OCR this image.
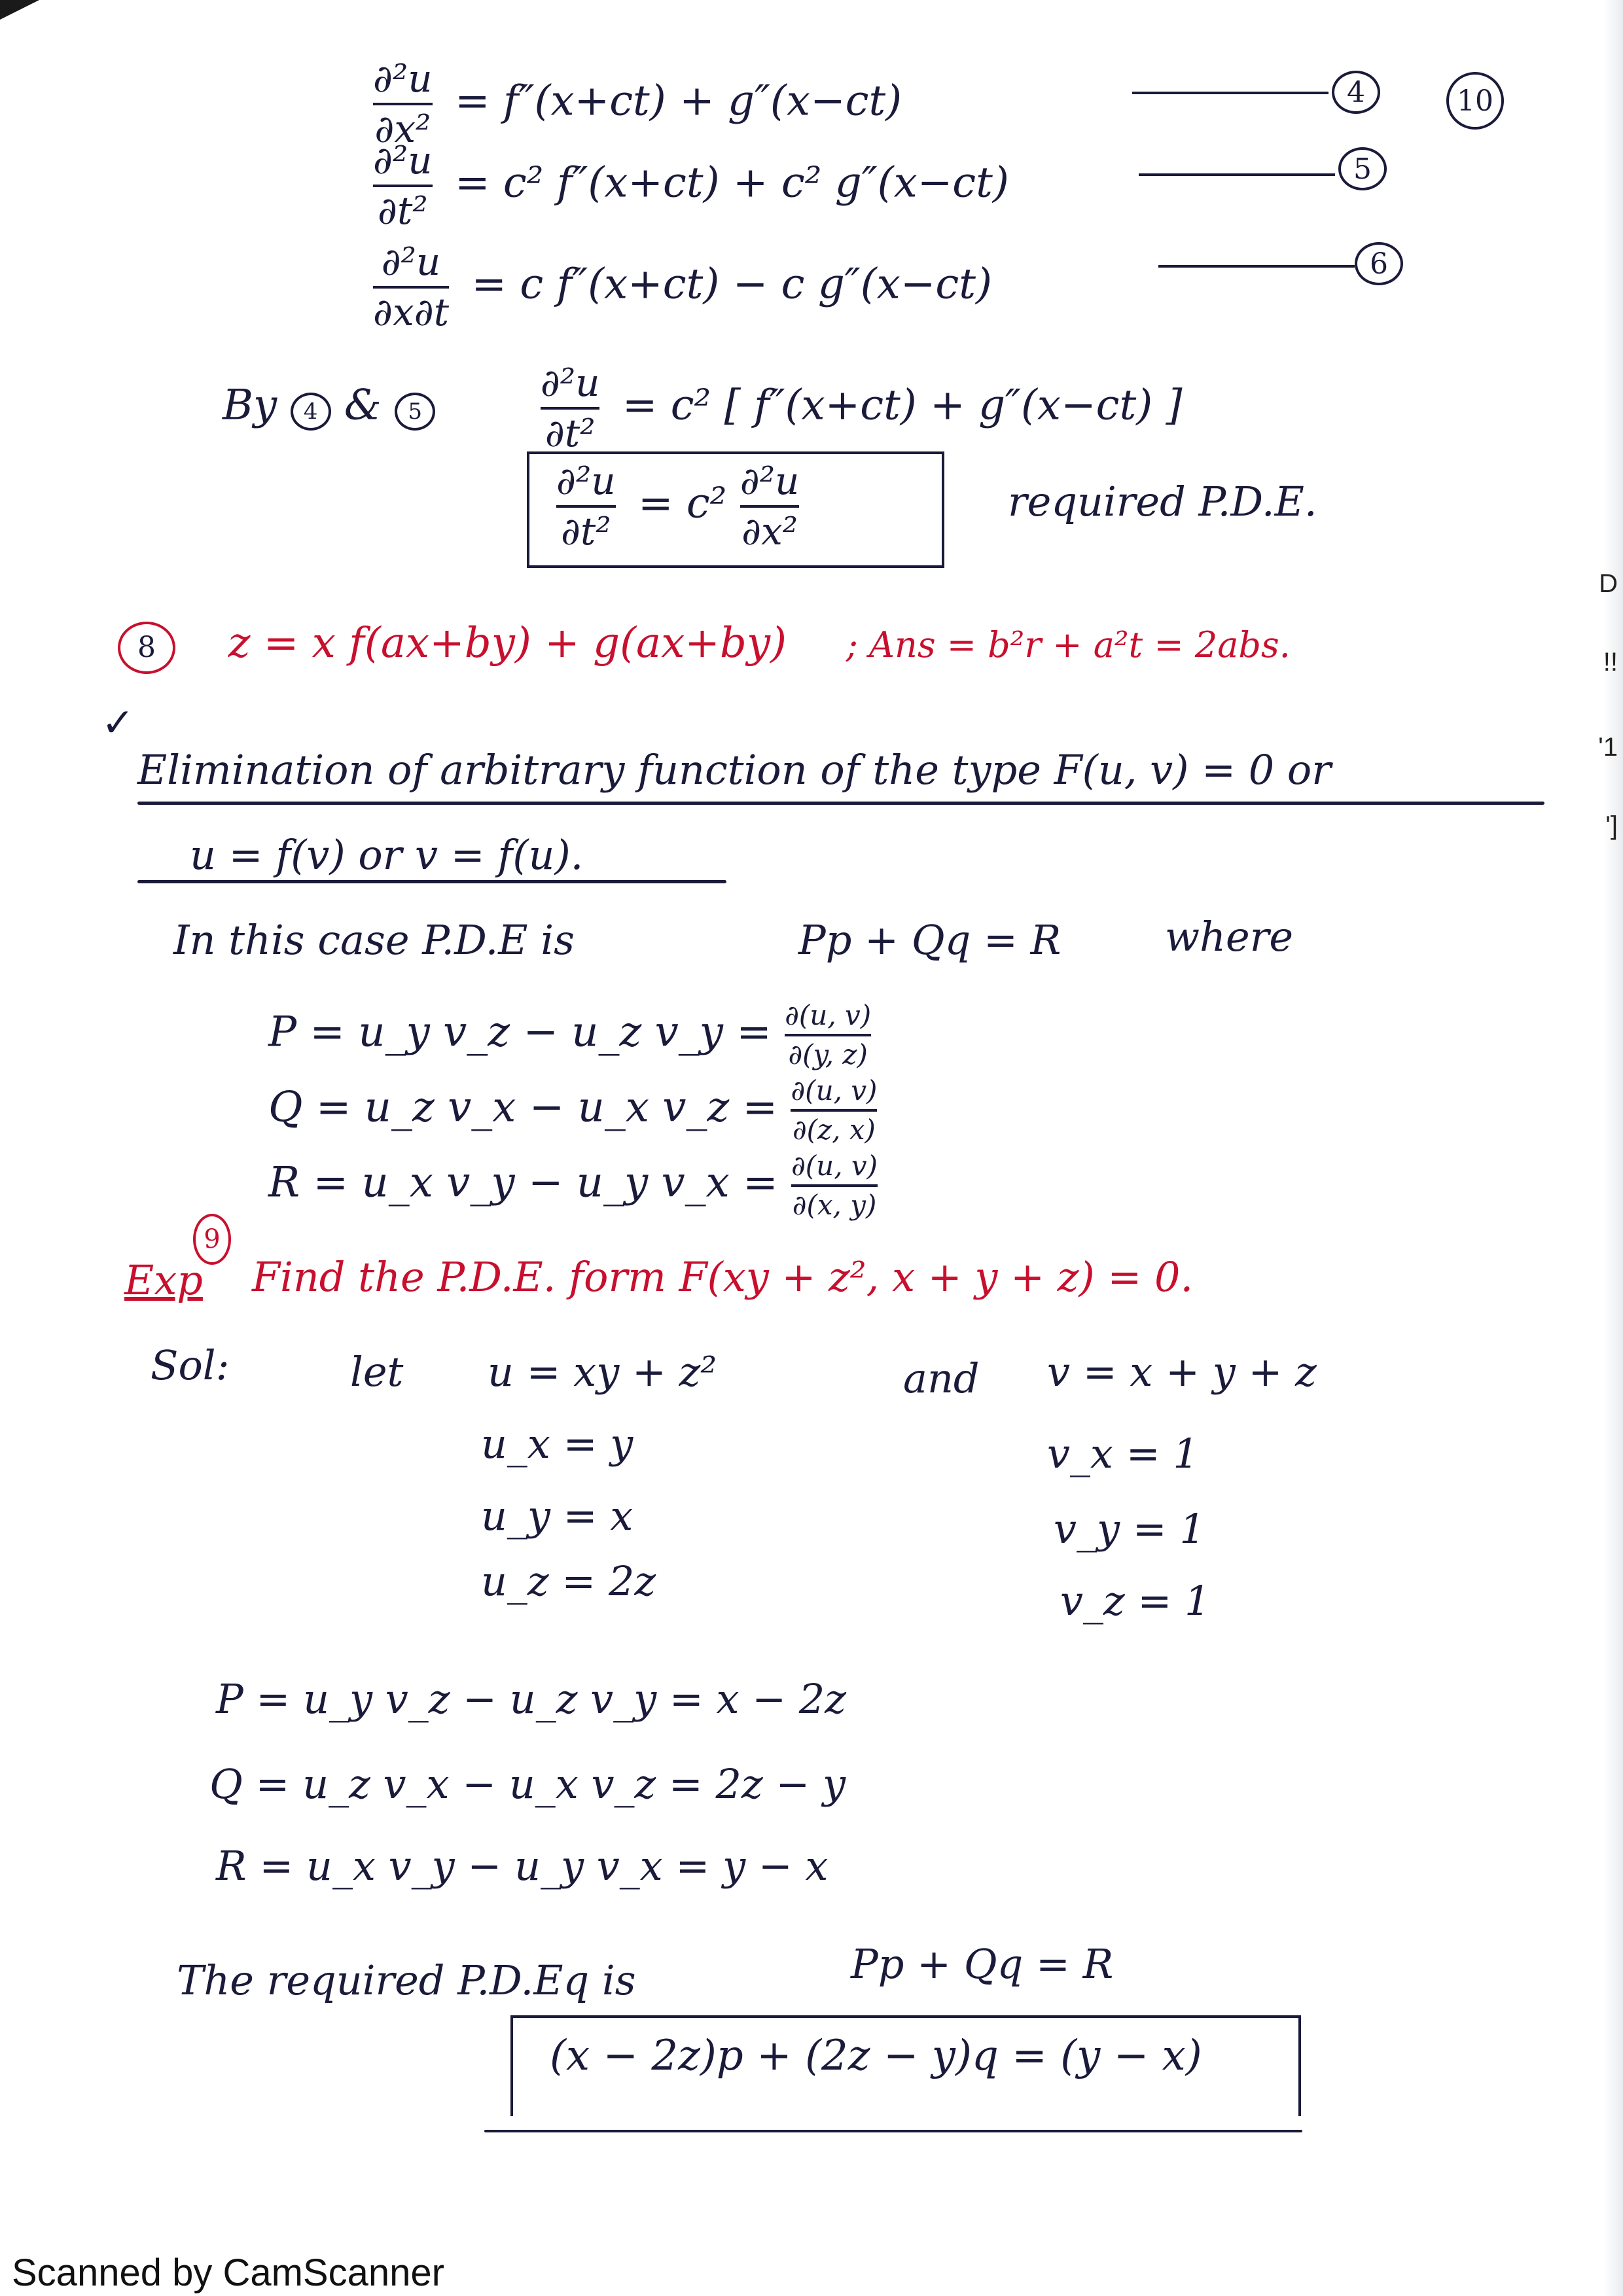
D
!!
'1
']
10
$\frac{\text{∂²u}}{\text{∂x²}} = f''(x+ct) + g''(x-ct)$	4
$\frac{\text{∂²u}}{\text{∂t²}} = c^2$ f″(x+ct) + c² g″(x−ct)	5
$\frac{\text{∂²u}}{\partial x\partial t} = c$ f″(x+ct) − c g″(x−ct)	6
By 4 & 5
	$\frac{\text{∂²u}}{\text{∂t²}} = c^2$ [ f″(x+ct) + g″(x−ct) ]
$\frac{\text{∂²u}}{\text{∂t²}} = c^2 \frac{\text{∂²u}}{\text{∂x²}}$	required P.D.E.
8 z = x f(ax+by) + g(ax+by) ; Ans = b²r + a²t = 2abs.
✓
Elimination of arbitrary function of the type F(u, v) = 0 or
u = f(v) or v = f(u).
In this case P.D.E is	Pp + Qq = R	where
P = u_y v_z − u_z v_y = $\frac{\partial(u, v)}{\partial(y, z)}$
Q = u_z v_x − u_x v_z = $\frac{\partial(u, v)}{\partial(z, x)}$
R = u_x v_y − u_y v_x = $\frac{\partial(u, v)}{\partial(x, y)}$
9
Exp Find the P.D.E. form F(xy + z², x + y + z) = 0.
Sol:	let u = xy + z²	and v = x + y + z
u_x = y
u_y = x
u_z = 2z
v_x = 1
v_y = 1
v_z = 1
P = u_y v_z − u_z v_y = x − 2z
Q = u_z v_x − u_x v_z = 2z − y
R = u_x v_y − u_y v_x = y − x
The required P.D.Eq is	Pp + Qq = R
(x − 2z)p + (2z − y)q = (y − x)
Scanned by CamScanner
